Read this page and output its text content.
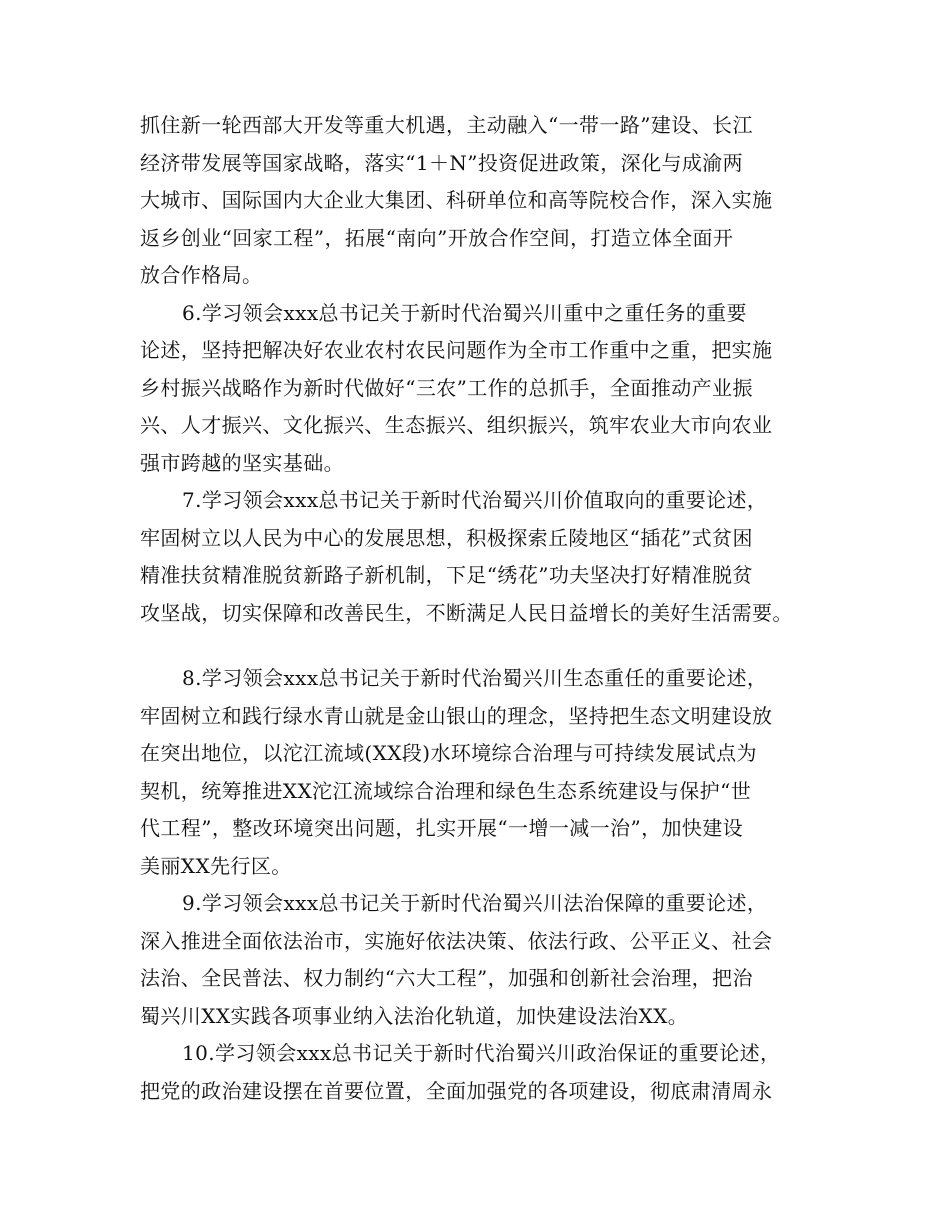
抓住新一轮西部大开发等重大机遇，主动融入“一带一路”建设、长江
经济带发展等国家战略，落实“1＋N”投资促进政策，深化与成渝两
大城市、国际国内大企业大集团、科研单位和高等院校合作，深入实施
返乡创业“回家工程”，拓展“南向”开放合作空间，打造立体全面开
放合作格局。
6.学习领会xxx总书记关于新时代治蜀兴川重中之重任务的重要
论述，坚持把解决好农业农村农民问题作为全市工作重中之重，把实施
乡村振兴战略作为新时代做好“三农”工作的总抓手，全面推动产业振
兴、人才振兴、文化振兴、生态振兴、组织振兴，筑牢农业大市向农业
强市跨越的坚实基础。
7.学习领会xxx总书记关于新时代治蜀兴川价值取向的重要论述，
牢固树立以人民为中心的发展思想，积极探索丘陵地区“插花”式贫困
精准扶贫精准脱贫新路子新机制，下足“绣花”功夫坚决打好精准脱贫
攻坚战，切实保障和改善民生，不断满足人民日益增长的美好生活需要。
8.学习领会xxx总书记关于新时代治蜀兴川生态重任的重要论述，
牢固树立和践行绿水青山就是金山银山的理念，坚持把生态文明建设放
在突出地位，以沱江流域(XX段)水环境综合治理与可持续发展试点为
契机，统筹推进XX沱江流域综合治理和绿色生态系统建设与保护“世
代工程”，整改环境突出问题，扎实开展“一增一减一治”，加快建设
美丽XX先行区。
9.学习领会xxx总书记关于新时代治蜀兴川法治保障的重要论述，
深入推进全面依法治市，实施好依法决策、依法行政、公平正义、社会
法治、全民普法、权力制约“六大工程”，加强和创新社会治理，把治
蜀兴川XX实践各项事业纳入法治化轨道，加快建设法治XX。
10.学习领会xxx总书记关于新时代治蜀兴川政治保证的重要论述，
把党的政治建设摆在首要位置，全面加强党的各项建设，彻底肃清周永
